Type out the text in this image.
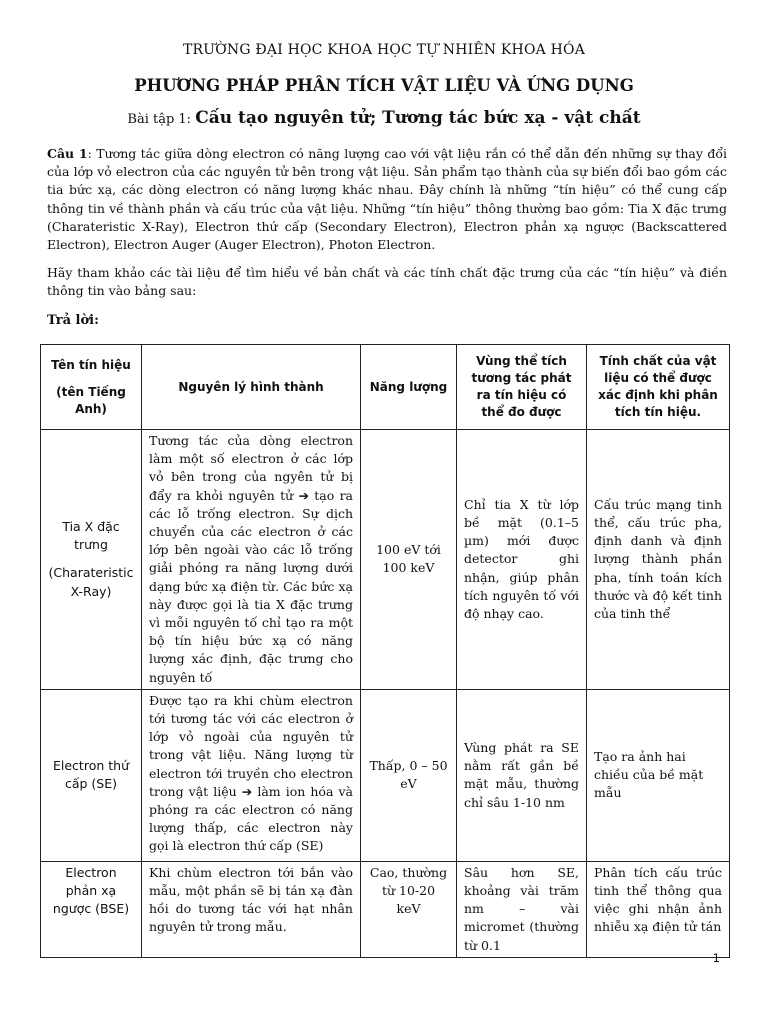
TRƯỜNG ĐẠI HỌC KHOA HỌC TỰ NHIÊN KHOA HÓA
PHƯƠNG PHÁP PHÂN TÍCH VẬT LIỆU VÀ ỨNG DỤNG
Bài tập 1: Cấu tạo nguyên tử; Tương tác bức xạ - vật chất
Câu 1: Tương tác giữa dòng electron có năng lượng cao với vật liệu rắn có thể dẫn đến những sự thay đổi của lớp vỏ electron của các nguyên tử bên trong vật liệu. Sản phẩm tạo thành của sự biến đổi bao gồm các tia bức xạ, các dòng electron có năng lượng khác nhau. Đây chính là những “tín hiệu” có thể cung cấp thông tin về thành phần và cấu trúc của vật liệu. Những “tín hiệu” thông thường bao gồm: Tia X đặc trưng (Charateristic X-Ray), Electron thứ cấp (Secondary Electron), Electron phản xạ ngược (Backscattered Electron), Electron Auger (Auger Electron), Photon Electron.
Hãy tham khảo các tài liệu để tìm hiểu về bản chất và các tính chất đặc trưng của các “tín hiệu” và điền thông tin vào bảng sau:
Trả lời:
Tên tín hiệu
(tên Tiếng Anh)	Nguyên lý hình thành	Năng lượng	Vùng thể tích tương tác phát ra tín hiệu có thể đo được	Tính chất của vật liệu có thể được xác định khi phân tích tín hiệu.
Tia X đặc trưng
(Charateristic X-Ray)	Tương tác của dòng electron làm một số electron ở các lớp vỏ bên trong của ngyên tử bị đẩy ra khỏi nguyên tử ➔ tạo ra các lỗ trống electron. Sự dịch chuyển của các electron ở các lớp bên ngoài vào các lỗ trống giải phóng ra năng lượng dưới dạng bức xạ điện từ. Các bức xạ này được gọi là tia X đặc trưng vì mỗi nguyên tố chỉ tạo ra một bộ tín hiệu bức xạ có năng lượng xác định, đặc trưng cho nguyên tố	100 eV tới 100 keV	Chỉ tia X từ lớp bề mặt (0.1–5 µm) mới được detector ghi nhận, giúp phân tích nguyên tố với độ nhạy cao.	Cấu trúc mạng tinh thể, cấu trúc pha, định danh và định lượng thành phần pha, tính toán kích thước và độ kết tinh của tinh thể
Electron thứ cấp (SE)	Được tạo ra khi chùm electron tới tương tác với các electron ở lớp vỏ ngoài của nguyên tử trong vật liệu. Năng lượng từ electron tới truyền cho electron trong vật liệu ➔ làm ion hóa và phóng ra các electron có năng lượng thấp, các electron này gọi là electron thứ cấp (SE)	Thấp, 0 – 50 eV	Vùng phát ra SE nằm rất gần bề mặt mẫu, thường chỉ sâu 1-10 nm	Tạo ra ảnh hai chiều của bề mặt mẫu
Electron phản xạ ngược (BSE)	Khi chùm electron tới bắn vào mẫu, một phần sẽ bị tán xạ đàn hồi do tương tác với hạt nhân nguyên tử trong mẫu.	Cao, thường từ 10-20 keV	Sâu hơn SE, khoảng vài trăm nm – vài micromet (thường từ 0.1	Phân tích cấu trúc tinh thể thông qua việc ghi nhận ảnh nhiễu xạ điện tử tán
1
